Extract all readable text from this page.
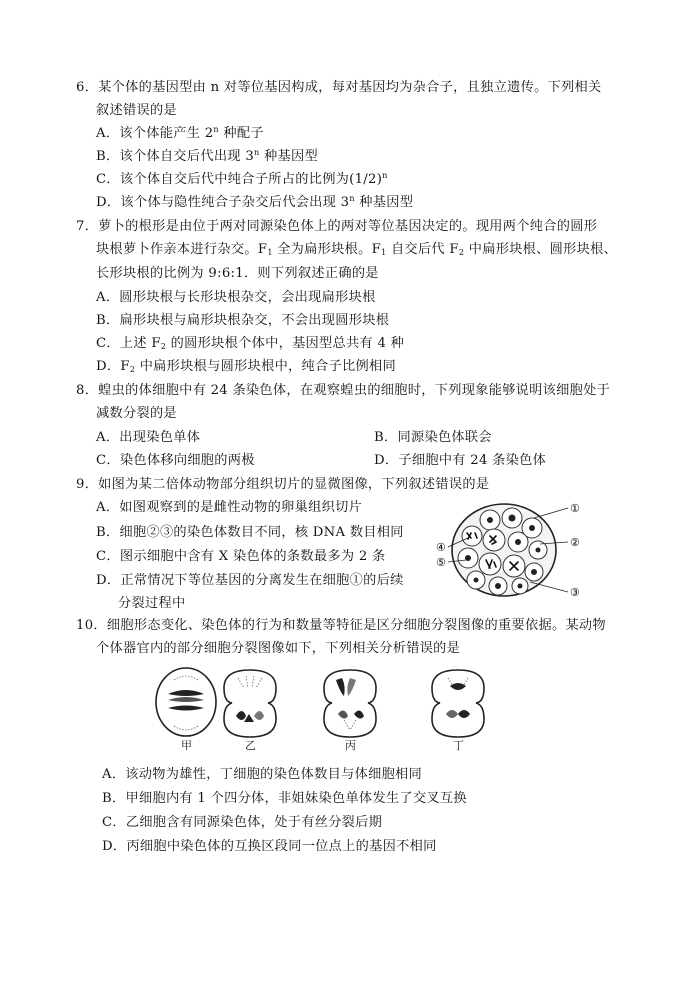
6．某个体的基因型由 n 对等位基因构成，每对基因均为杂合子，且独立遗传。下列相关
叙述错误的是
A．该个体能产生 2$^n$ 种配子
B．该个体自交后代出现 3$^n$ 种基因型
C．该个体自交后代中纯合子所占的比例为$(1/2)^n$
D．该个体与隐性纯合子杂交后代会出现 3$^n$ 种基因型
7．萝卜的根形是由位于两对同源染色体上的两对等位基因决定的。现用两个纯合的圆形
块根萝卜作亲本进行杂交。$F_1$ 全为扁形块根。$F_1$ 自交后代 $F_2$ 中扁形块根、圆形块根、
长形块根的比例为 9:6:1．则下列叙述正确的是
A．圆形块根与长形块根杂交，会出现扁形块根
B．扁形块根与扁形块根杂交，不会出现圆形块根
C．上述 $F_2$ 的圆形块根个体中，基因型总共有 4 种
D．$F_2$ 中扁形块根与圆形块根中，纯合子比例相同
8．蝗虫的体细胞中有 24 条染色体，在观察蝗虫的细胞时，下列现象能够说明该细胞处于
减数分裂的是
A．出现染色单体	B．同源染色体联会
C．染色体移向细胞的两极	D．子细胞中有 24 条染色体
9．如图为某二倍体动物部分组织切片的显微图像，下列叙述错误的是
A．如图观察到的是雌性动物的卵巢组织切片
B．细胞②③的染色体数目不同，核 DNA 数目相同
C．图示细胞中含有 X 染色体的条数最多为 2 条
D．正常情况下等位基因的分离发生在细胞①的后续
分裂过程中
①
②
③
④
⑤
10．细胞形态变化、染色体的行为和数量等特征是区分细胞分裂图像的重要依据。某动物
个体器官内的部分细胞分裂图像如下，下列相关分析错误的是
甲	乙	丙	丁
A．该动物为雄性，丁细胞的染色体数目与体细胞相同
B．甲细胞内有 1 个四分体，非姐妹染色单体发生了交叉互换
C．乙细胞含有同源染色体，处于有丝分裂后期
D．丙细胞中染色体的互换区段同一位点上的基因不相同
